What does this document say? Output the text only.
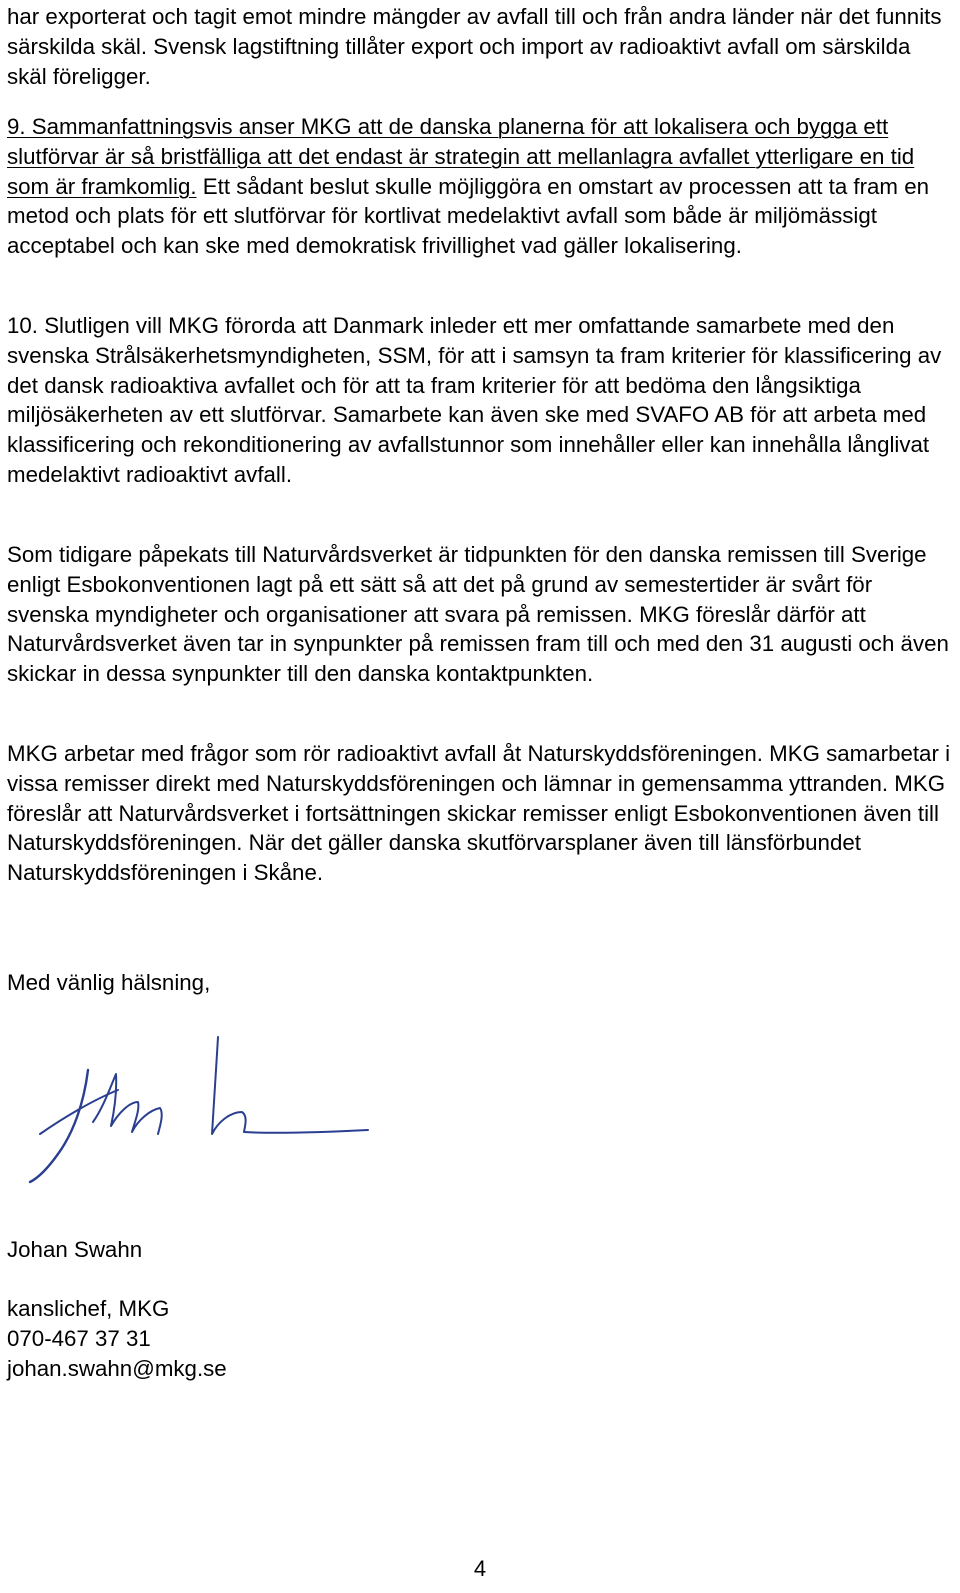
har exporterat och tagit emot mindre mängder av avfall till och från andra länder när det funnits särskilda skäl. Svensk lagstiftning tillåter export och import av radioaktivt avfall om särskilda skäl föreligger.

9. Sammanfattningsvis anser MKG att de danska planerna för att lokalisera och bygga ett slutförvar är så bristfälliga att det endast är strategin att mellanlagra avfallet ytterligare en tid som är framkomlig. Ett sådant beslut skulle möjliggöra en omstart av processen att ta fram en metod och plats för ett slutförvar för kortlivat medelaktivt avfall som både är miljömässigt acceptabel och kan ske med demokratisk frivillighet vad gäller lokalisering.

10. Slutligen vill MKG förorda att Danmark inleder ett mer omfattande samarbete med den svenska Strålsäkerhetsmyndigheten, SSM, för att i samsyn ta fram kriterier för klassificering av det dansk radioaktiva avfallet och för att ta fram kriterier för att bedöma den långsiktiga miljösäkerheten av ett slutförvar. Samarbete kan även ske med SVAFO AB för att arbeta med klassificering och rekonditionering av avfallstunnor som innehåller eller kan innehålla långlivat medelaktivt radioaktivt avfall.

Som tidigare påpekats till Naturvårdsverket är tidpunkten för den danska remissen till Sverige enligt Esbokonventionen lagt på ett sätt så att det på grund av semestertider är svårt för svenska myndigheter och organisationer att svara på remissen. MKG föreslår därför att Naturvårdsverket även tar in synpunkter på remissen fram till och med den 31 augusti och även skickar in dessa synpunkter till den danska kontaktpunkten.

MKG arbetar med frågor som rör radioaktivt avfall åt Naturskyddsföreningen. MKG samarbetar i vissa remisser direkt med Naturskyddsföreningen och lämnar in gemensamma yttranden. MKG föreslår att Naturvårdsverket i fortsättningen skickar remisser enligt Esbokonventionen även till Naturskyddsföreningen. När det gäller danska skutförvarsplaner även till länsförbundet Naturskyddsföreningen i Skåne.

Med vänlig hälsning,

Johan Swahn

kanslichef, MKG

070-467 37 31

johan.swahn@mkg.se

4
